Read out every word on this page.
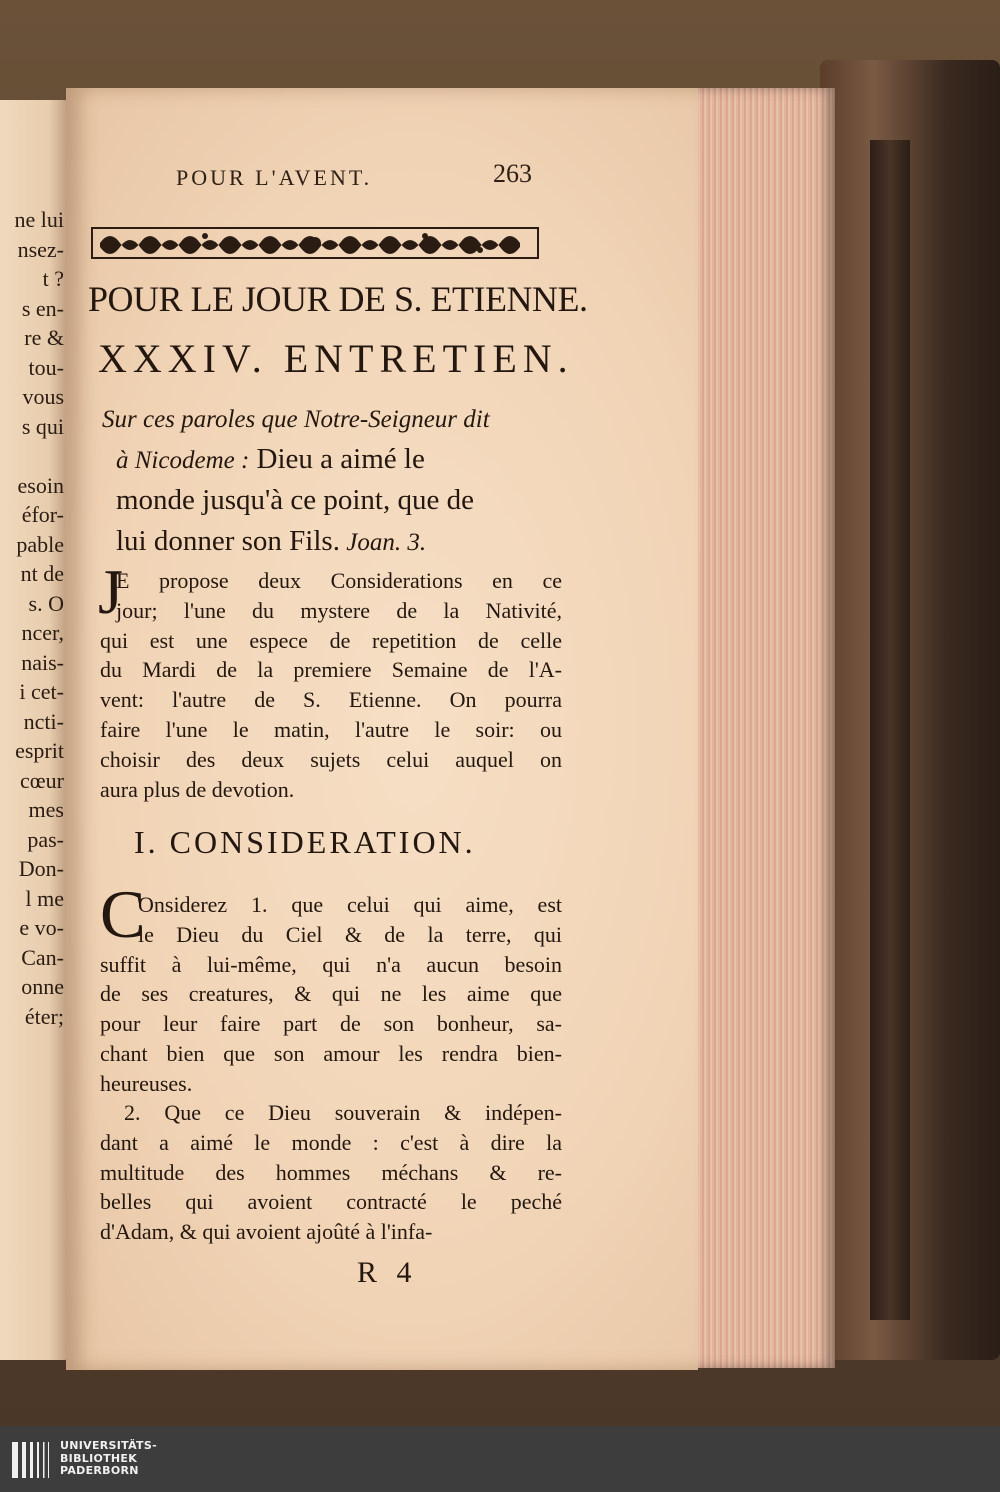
ne lui
nsez-
t ?
s en-
re &
tou-
vous
s qui
esoin
éfor-
pable
nt de
s. O
ncer,
nais-
i cet-
ncti-
esprit
cœur
mes
pas-
Don-
l me
e vo-
Can-
onne
éter;
POUR L'AVENT.	263
POUR LE JOUR DE S. ETIENNE.
XXXIV. ENTRETIEN.
Sur ces paroles que Notre-Seigneur dit
à Nicodeme : Dieu a aimé le
monde jusqu'à ce point, que de
lui donner son Fils. Joan. 3.
J
E propose deux Considerations en ce
jour; l'une du mystere de la Nativité,
qui est une espece de repetition de celle
du Mardi de la premiere Semaine de l'A-
vent: l'autre de S. Etienne. On pourra
faire l'une le matin, l'autre le soir: ou
choisir des deux sujets celui auquel on
aura plus de devotion.
I. CONSIDERATION.
C
Onsiderez 1. que celui qui aime, est
le Dieu du Ciel & de la terre, qui
suffit à lui-même, qui n'a aucun besoin
de ses creatures, & qui ne les aime que
pour leur faire part de son bonheur, sa-
chant bien que son amour les rendra bien-
heureuses.
2. Que ce Dieu souverain & indépen-
dant a aimé le monde : c'est à dire la
multitude des hommes méchans & re-
belles qui avoient contracté le peché
d'Adam, & qui avoient ajoûté à l'infa-
R 4
UNIVERSITÄTS-
BIBLIOTHEK
PADERBORN
